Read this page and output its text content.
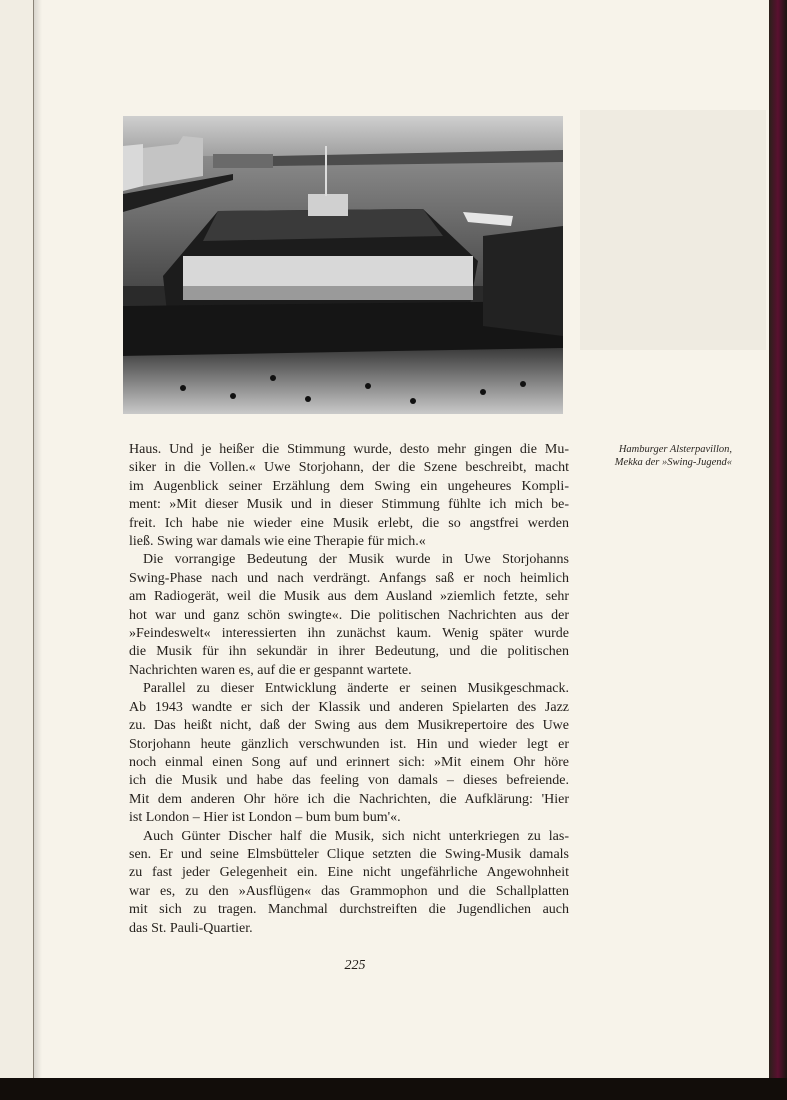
Hamburger Alsterpavillon,
Mekka der »Swing-Jugend«
Haus. Und je heißer die Stimmung wurde, desto mehr gingen die Mu-
siker in die Vollen.« Uwe Storjohann, der die Szene beschreibt, macht
im Augenblick seiner Erzählung dem Swing ein ungeheures Kompli-
ment: »Mit dieser Musik und in dieser Stimmung fühlte ich mich be-
freit. Ich habe nie wieder eine Musik erlebt, die so angstfrei werden
ließ. Swing war damals wie eine Therapie für mich.«
Die vorrangige Bedeutung der Musik wurde in Uwe Storjohanns
Swing-Phase nach und nach verdrängt. Anfangs saß er noch heimlich
am Radiogerät, weil die Musik aus dem Ausland »ziemlich fetzte, sehr
hot war und ganz schön swingte«. Die politischen Nachrichten aus der
»Feindeswelt« interessierten ihn zunächst kaum. Wenig später wurde
die Musik für ihn sekundär in ihrer Bedeutung, und die politischen
Nachrichten waren es, auf die er gespannt wartete.
Parallel zu dieser Entwicklung änderte er seinen Musikgeschmack.
Ab 1943 wandte er sich der Klassik und anderen Spielarten des Jazz
zu. Das heißt nicht, daß der Swing aus dem Musikrepertoire des Uwe
Storjohann heute gänzlich verschwunden ist. Hin und wieder legt er
noch einmal einen Song auf und erinnert sich: »Mit einem Ohr höre
ich die Musik und habe das feeling von damals – dieses befreiende.
Mit dem anderen Ohr höre ich die Nachrichten, die Aufklärung: 'Hier
ist London – Hier ist London – bum bum bum'«.
Auch Günter Discher half die Musik, sich nicht unterkriegen zu las-
sen. Er und seine Elmsbütteler Clique setzten die Swing-Musik damals
zu fast jeder Gelegenheit ein. Eine nicht ungefährliche Angewohnheit
war es, zu den »Ausflügen« das Grammophon und die Schallplatten
mit sich zu tragen. Manchmal durchstreiften die Jugendlichen auch
das St. Pauli-Quartier.
225
